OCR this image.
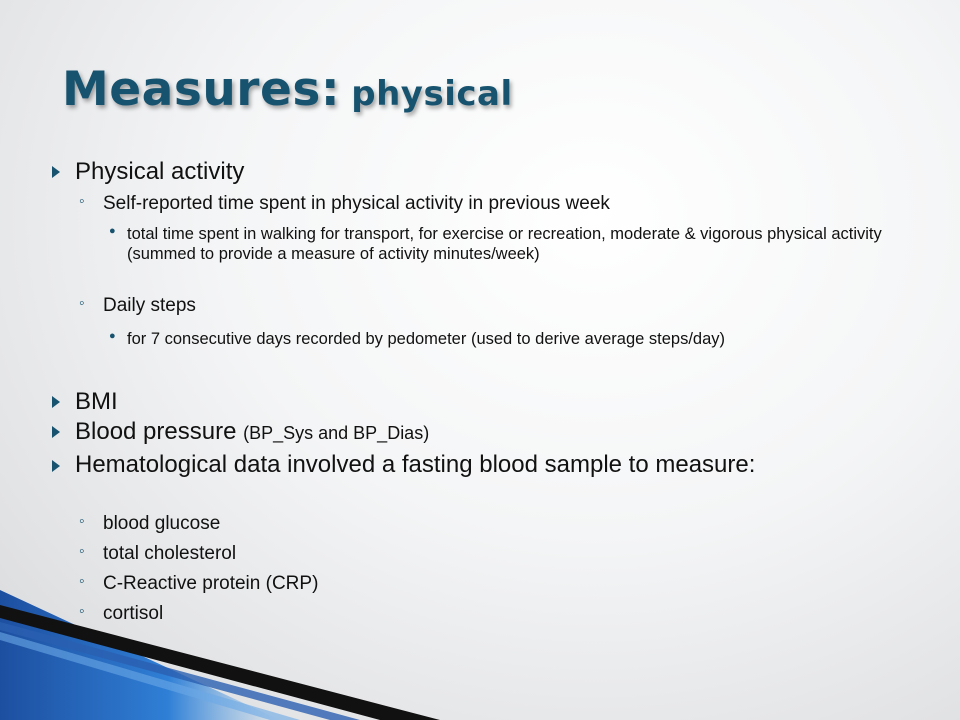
Measures: physical
Physical activity
◦ Self-reported time spent in physical activity in previous week
● total time spent in walking for transport, for exercise or recreation, moderate & vigorous physical activity (summed to provide a measure of activity minutes/week)
◦ Daily steps
● for 7 consecutive days recorded by pedometer (used to derive average steps/day)
BMI
Blood pressure (BP_Sys and BP_Dias)
Hematological data involved a fasting blood sample to measure:
◦ blood glucose
◦ total cholesterol
◦ C-Reactive protein (CRP)
◦ cortisol
